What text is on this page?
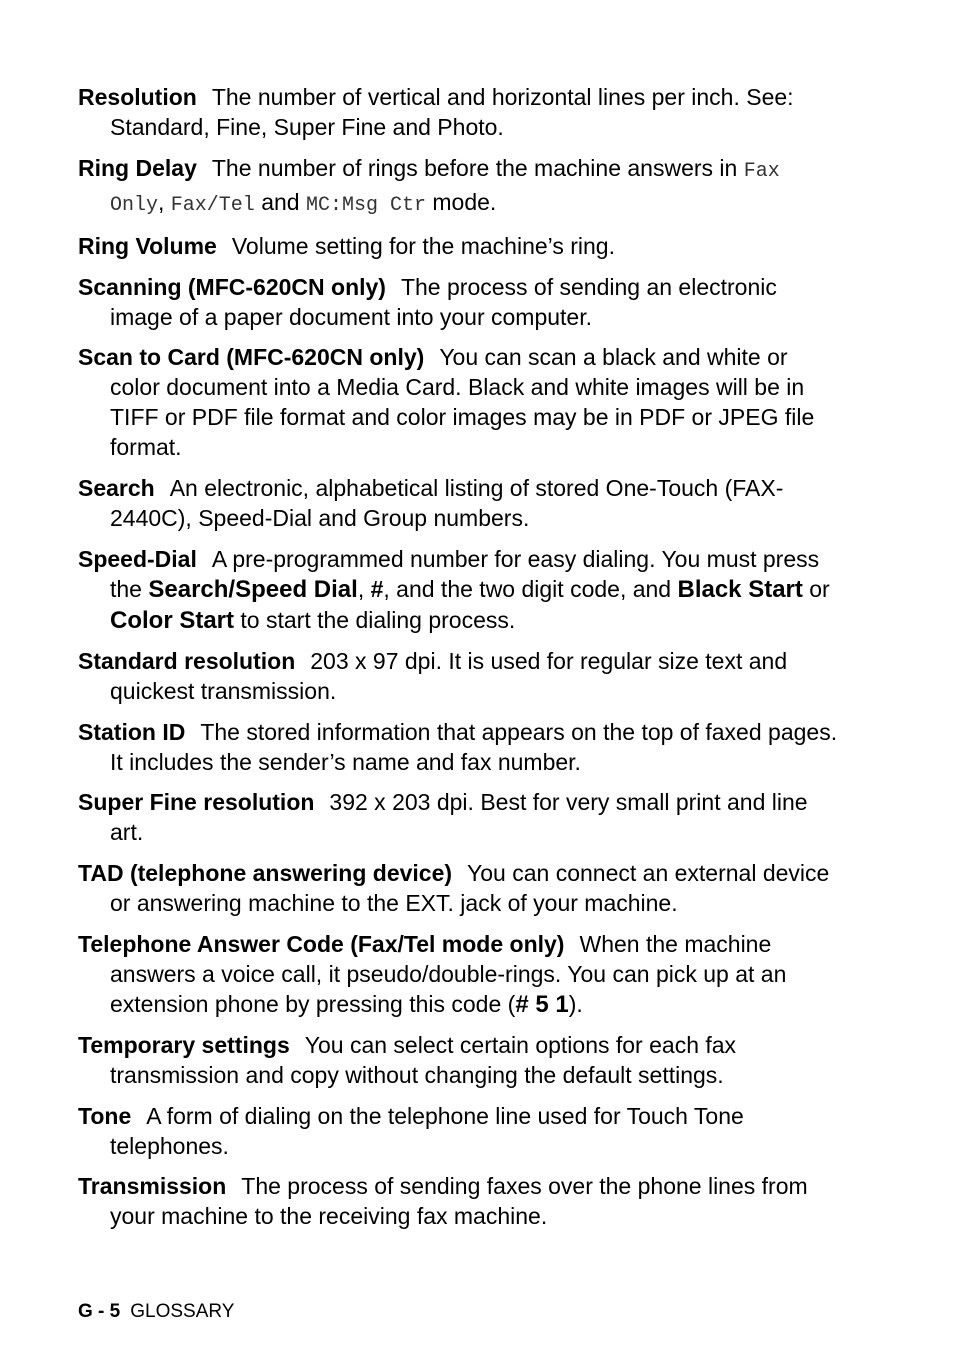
Resolution The number of vertical and horizontal lines per inch. See: Standard, Fine, Super Fine and Photo.

Ring Delay The number of rings before the machine answers in Fax Only, Fax/Tel and MC:Msg Ctr mode.

Ring Volume Volume setting for the machine’s ring.

Scanning (MFC-620CN only) The process of sending an electronic image of a paper document into your computer.

Scan to Card (MFC-620CN only) You can scan a black and white or color document into a Media Card. Black and white images will be in TIFF or PDF file format and color images may be in PDF or JPEG file format.

Search An electronic, alphabetical listing of stored One-Touch (FAX-2440C), Speed-Dial and Group numbers.

Speed-Dial A pre-programmed number for easy dialing. You must press the Search/Speed Dial, #, and the two digit code, and Black Start or Color Start to start the dialing process.

Standard resolution 203 x 97 dpi. It is used for regular size text and quickest transmission.

Station ID The stored information that appears on the top of faxed pages. It includes the sender’s name and fax number.

Super Fine resolution 392 x 203 dpi. Best for very small print and line art.

TAD (telephone answering device) You can connect an external device or answering machine to the EXT. jack of your machine.

Telephone Answer Code (Fax/Tel mode only) When the machine answers a voice call, it pseudo/double-rings. You can pick up at an extension phone by pressing this code (# 5 1).

Temporary settings You can select certain options for each fax transmission and copy without changing the default settings.

Tone A form of dialing on the telephone line used for Touch Tone telephones.

Transmission The process of sending faxes over the phone lines from your machine to the receiving fax machine.

G - 5 GLOSSARY
